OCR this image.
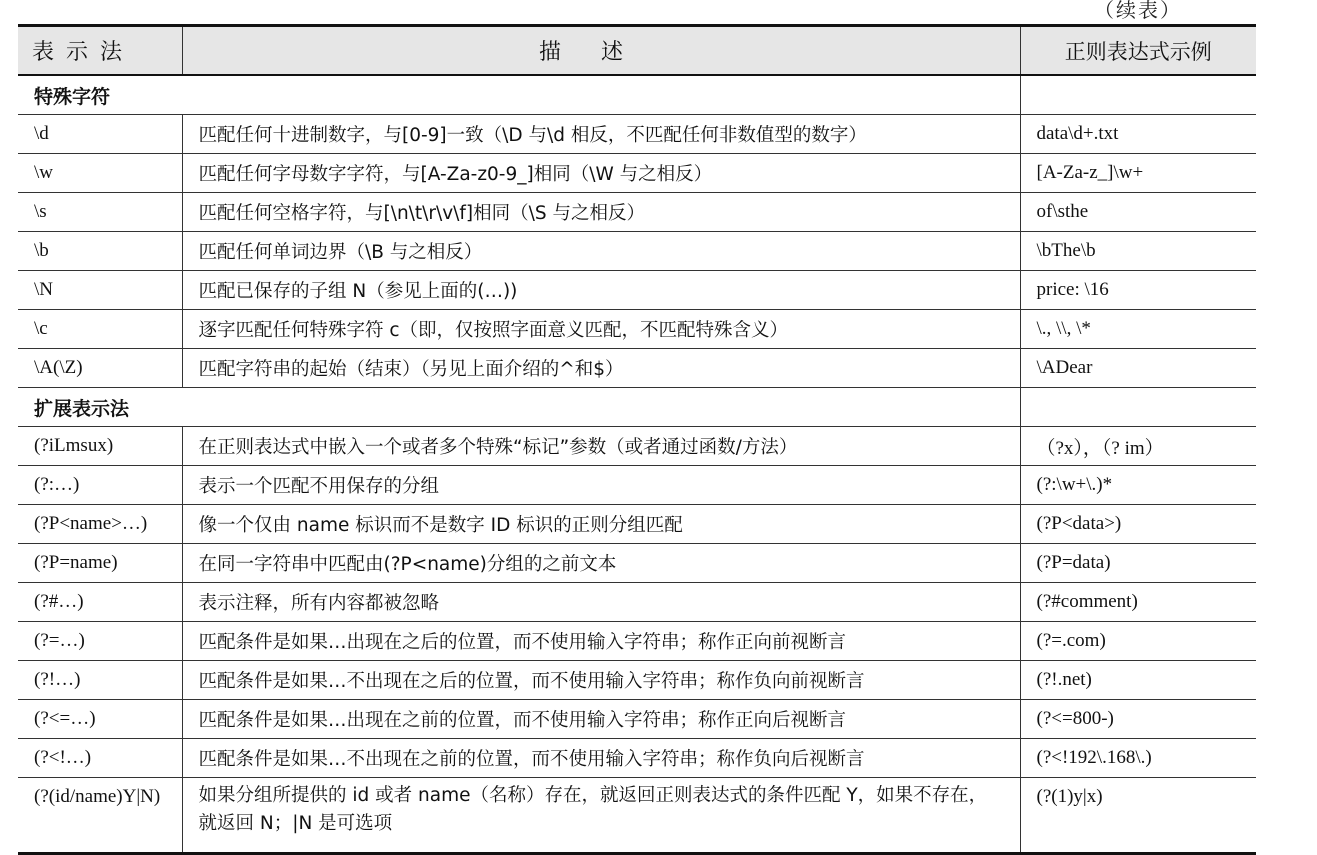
（续表）
表示法	描述	正则表达式示例
特殊字符		
\d	匹配任何十进制数字，与[0-9]一致（\D 与\d 相反，不匹配任何非数值型的数字）	data\d+.txt
\w	匹配任何字母数字字符，与[A-Za-z0-9_]相同（\W 与之相反）	[A-Za-z_]\w+
\s	匹配任何空格字符，与[\n\t\r\v\f]相同（\S 与之相反）	of\sthe
\b	匹配任何单词边界（\B 与之相反）	\bThe\b
\N	匹配已保存的子组 N（参见上面的(…))	price: \16
\c	逐字匹配任何特殊字符 c（即，仅按照字面意义匹配，不匹配特殊含义）	\., \\, \*
\A(\Z)	匹配字符串的起始（结束）（另见上面介绍的^和$）	\ADear
扩展表示法		
(?iLmsux)	在正则表达式中嵌入一个或者多个特殊“标记”参数（或者通过函数/方法）	（?x），（? im）
(?:…)	表示一个匹配不用保存的分组	(?:\w+\.)*
(?P<name>…)	像一个仅由 name 标识而不是数字 ID 标识的正则分组匹配	(?P<data>)
(?P=name)	在同一字符串中匹配由(?P<name)分组的之前文本	(?P=data)
(?#…)	表示注释，所有内容都被忽略	(?#comment)
(?=…)	匹配条件是如果…出现在之后的位置，而不使用输入字符串；称作正向前视断言	(?=.com)
(?!…)	匹配条件是如果…不出现在之后的位置，而不使用输入字符串；称作负向前视断言	(?!.net)
(?<=…)	匹配条件是如果…出现在之前的位置，而不使用输入字符串；称作正向后视断言	(?<=800-)
(?<!…)	匹配条件是如果…不出现在之前的位置，而不使用输入字符串；称作负向后视断言	(?<!192\.168\.)
(?(id/name)Y|N)	如果分组所提供的 id 或者 name（名称）存在，就返回正则表达式的条件匹配 Y，如果不存在，就返回 N；|N 是可选项	(?(1)y|x)
